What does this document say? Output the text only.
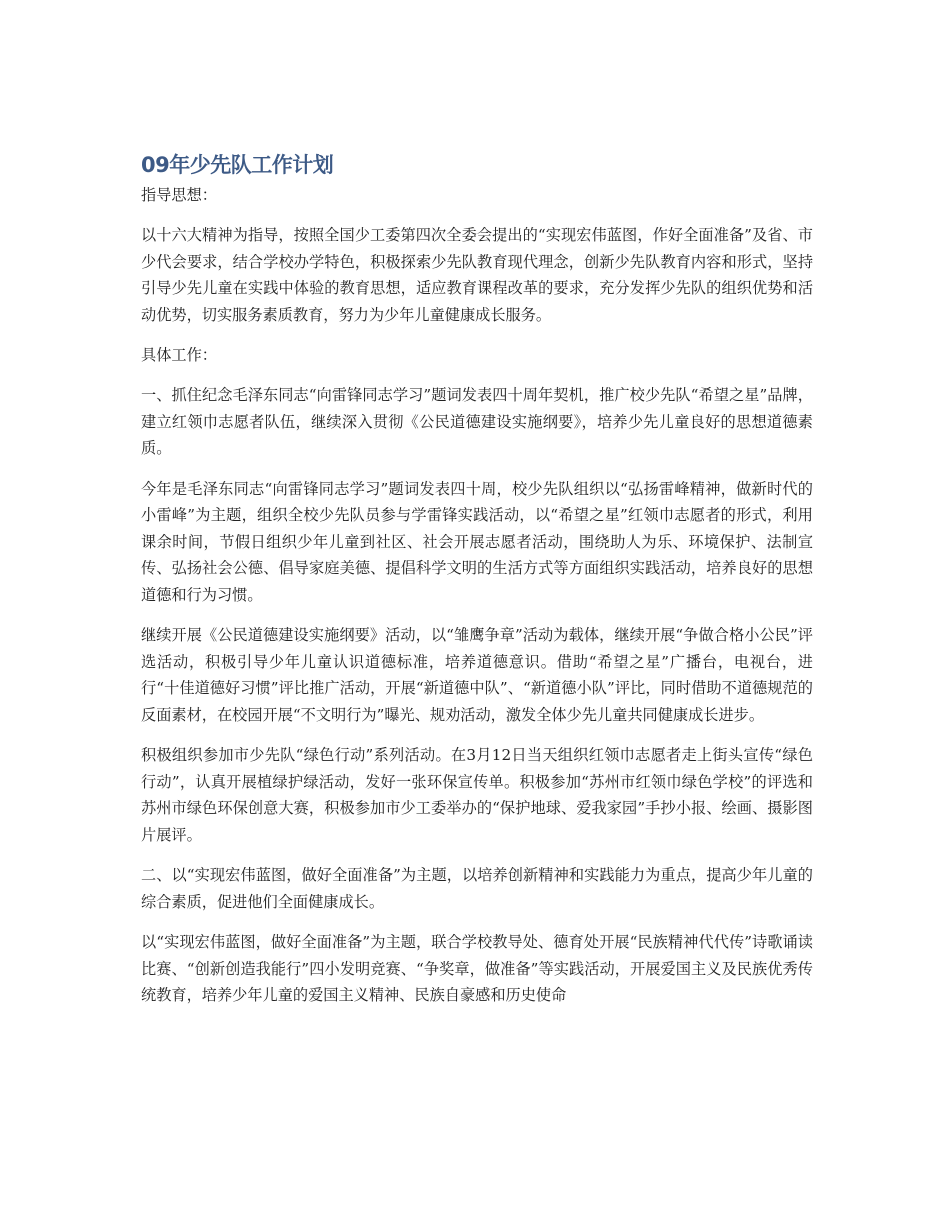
09年少先队工作计划

指导思想：

以十六大精神为指导，按照全国少工委第四次全委会提出的“实现宏伟蓝图，作好全面准备”及省、市少代会要求，结合学校办学特色，积极探索少先队教育现代理念，创新少先队教育内容和形式，坚持引导少先儿童在实践中体验的教育思想，适应教育课程改革的要求，充分发挥少先队的组织优势和活动优势，切实服务素质教育，努力为少年儿童健康成长服务。

具体工作：

一、抓住纪念毛泽东同志“向雷锋同志学习”题词发表四十周年契机，推广校少先队“希望之星”品牌，建立红领巾志愿者队伍，继续深入贯彻《公民道德建设实施纲要》，培养少先儿童良好的思想道德素质。

今年是毛泽东同志“向雷锋同志学习”题词发表四十周，校少先队组织以“弘扬雷峰精神，做新时代的小雷峰”为主题，组织全校少先队员参与学雷锋实践活动，以“希望之星”红领巾志愿者的形式，利用课余时间，节假日组织少年儿童到社区、社会开展志愿者活动，围绕助人为乐、环境保护、法制宣传、弘扬社会公德、倡导家庭美德、提倡科学文明的生活方式等方面组织实践活动，培养良好的思想道德和行为习惯。

继续开展《公民道德建设实施纲要》活动，以“雏鹰争章”活动为载体，继续开展“争做合格小公民”评选活动，积极引导少年儿童认识道德标准，培养道德意识。借助“希望之星”广播台，电视台，进行“十佳道德好习惯”评比推广活动，开展“新道德中队”、“新道德小队”评比，同时借助不道德规范的反面素材，在校园开展“不文明行为”曝光、规劝活动，激发全体少先儿童共同健康成长进步。

积极组织参加市少先队“绿色行动”系列活动。在3月12日当天组织红领巾志愿者走上街头宣传“绿色行动”，认真开展植绿护绿活动，发好一张环保宣传单。积极参加“苏州市红领巾绿色学校”的评选和苏州市绿色环保创意大赛，积极参加市少工委举办的“保护地球、爱我家园”手抄小报、绘画、摄影图片展评。

二、以“实现宏伟蓝图，做好全面准备”为主题，以培养创新精神和实践能力为重点，提高少年儿童的综合素质，促进他们全面健康成长。

以“实现宏伟蓝图，做好全面准备”为主题，联合学校教导处、德育处开展“民族精神代代传”诗歌诵读比赛、“创新创造我能行”四小发明竞赛、“争奖章，做准备”等实践活动，开展爱国主义及民族优秀传统教育，培养少年儿童的爱国主义精神、民族自豪感和历史使命
